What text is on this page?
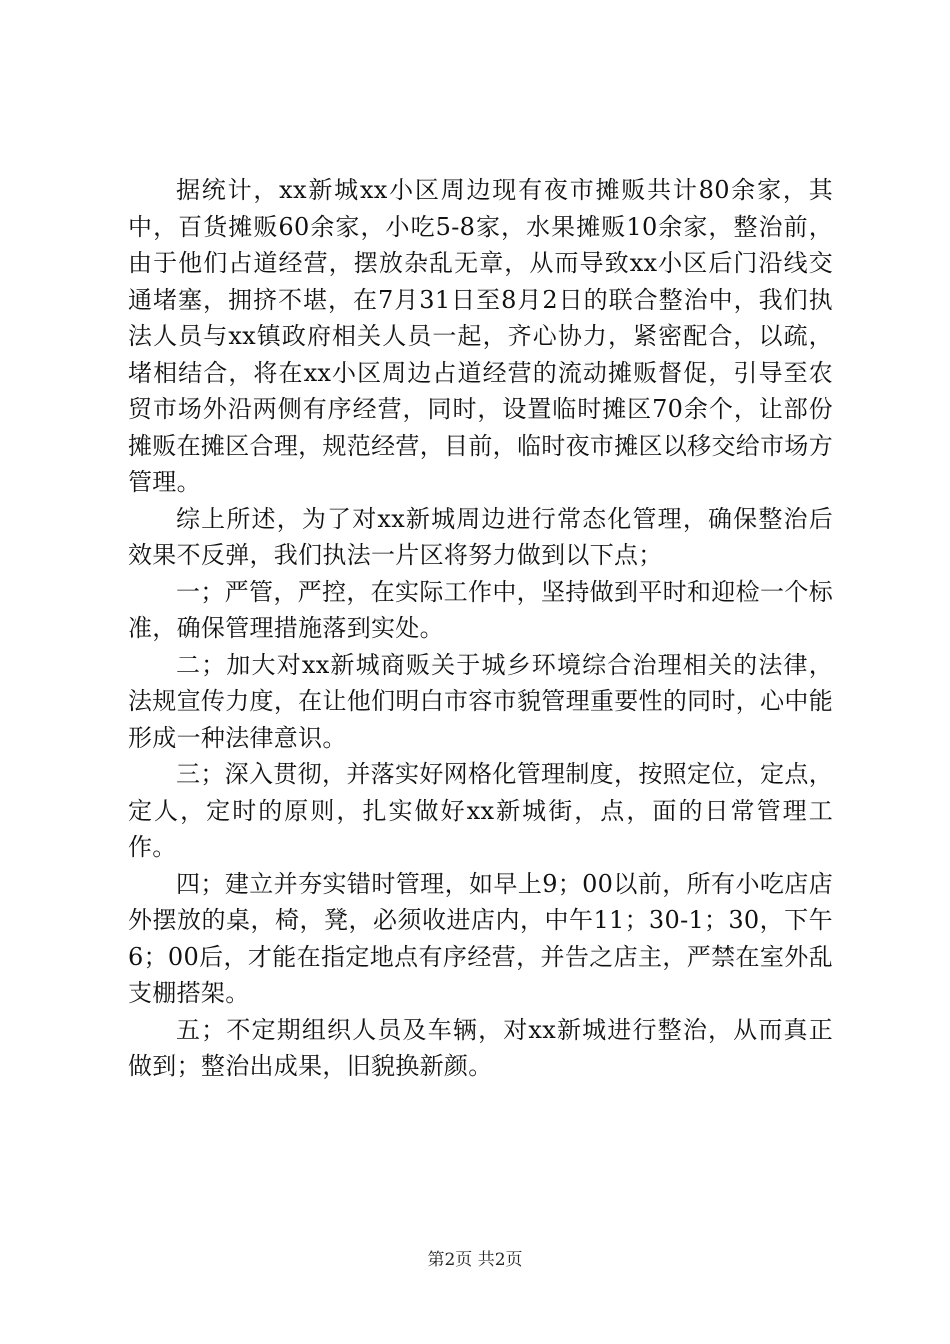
据统计，xx新城xx小区周边现有夜市摊贩共计80余家，其中，百货摊贩60余家，小吃5-8家，水果摊贩10余家，整治前，由于他们占道经营，摆放杂乱无章，从而导致xx小区后门沿线交通堵塞，拥挤不堪，在7月31日至8月2日的联合整治中，我们执法人员与xx镇政府相关人员一起，齐心协力，紧密配合，以疏，堵相结合，将在xx小区周边占道经营的流动摊贩督促，引导至农贸市场外沿两侧有序经营，同时，设置临时摊区70余个，让部份摊贩在摊区合理，规范经营，目前，临时夜市摊区以移交给市场方管理。

综上所述，为了对xx新城周边进行常态化管理，确保整治后效果不反弹，我们执法一片区将努力做到以下点；

一；严管，严控，在实际工作中，坚持做到平时和迎检一个标准，确保管理措施落到实处。

二；加大对xx新城商贩关于城乡环境综合治理相关的法律，法规宣传力度，在让他们明白市容市貌管理重要性的同时，心中能形成一种法律意识。

三；深入贯彻，并落实好网格化管理制度，按照定位，定点，定人，定时的原则，扎实做好xx新城街，点，面的日常管理工作。

四；建立并夯实错时管理，如早上9；00以前，所有小吃店店外摆放的桌，椅，凳，必须收进店内，中午11；30-1；30，下午6；00后，才能在指定地点有序经营，并告之店主，严禁在室外乱支棚搭架。

五；不定期组织人员及车辆，对xx新城进行整治，从而真正做到；整治出成果，旧貌换新颜。

第2页 共2页
